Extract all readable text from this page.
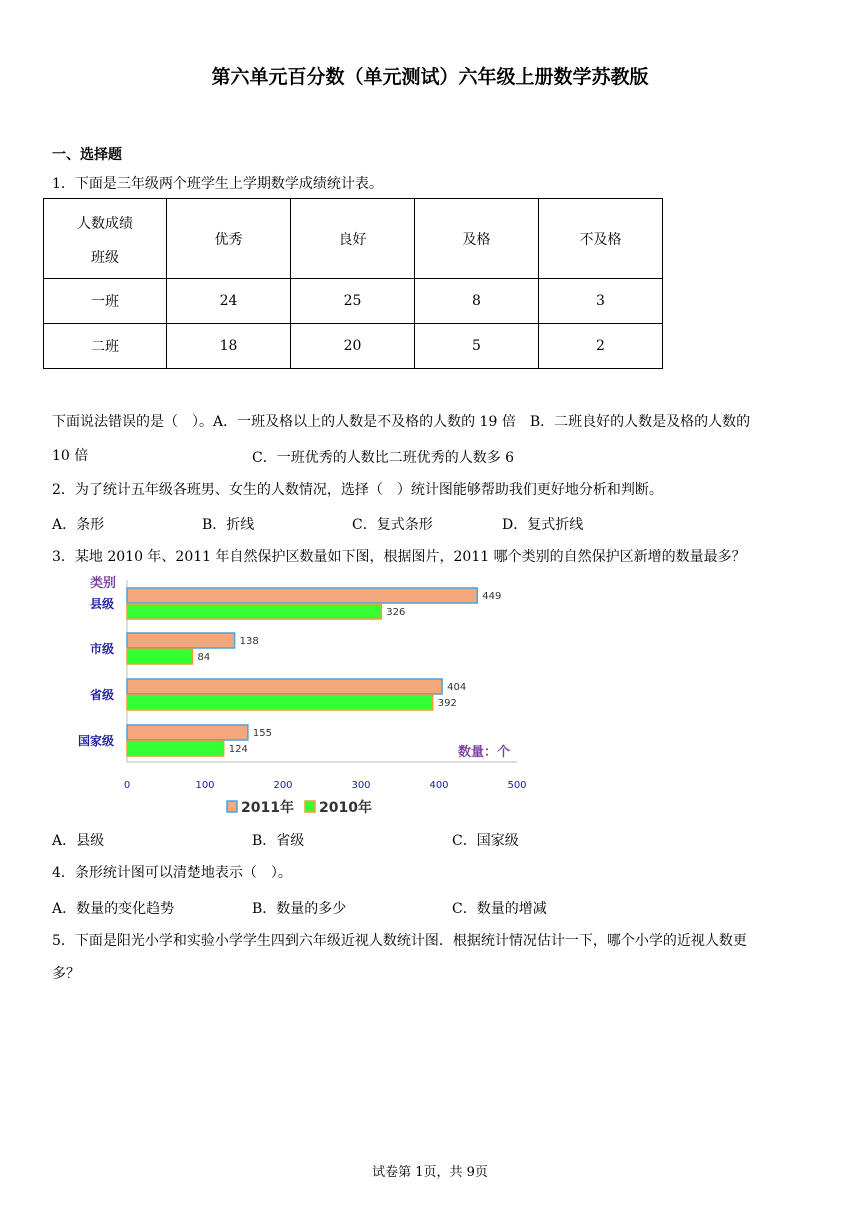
第六单元百分数（单元测试）六年级上册数学苏教版
一、选择题
1．下面是三年级两个班学生上学期数学成绩统计表。
人数成绩
班级	优秀	良好	及格	不及格
一班	24	25	8	3
二班	18	20	5	2
下面说法错误的是（　）。A．一班及格以上的人数是不及格的人数的 19 倍　B．二班良好的人数是及格的人数的
10 倍	C．一班优秀的人数比二班优秀的人数多 6
2．为了统计五年级各班男、女生的人数情况，选择（　）统计图能够帮助我们更好地分析和判断。
A．条形	B．折线	C．复式条形	D．复式折线
3．某地 2010 年、2011 年自然保护区数量如下图，根据图片，2011 哪个类别的自然保护区新增的数量最多？
类别
县级
449
326
市级
138
84
省级
404
392
国家级
155
124
0	100	200	300	400	500
数量：个
2011年 2010年
A．县级	B．省级	C．国家级
4．条形统计图可以清楚地表示（　）。
A．数量的变化趋势	B．数量的多少	C．数量的增减
5．下面是阳光小学和实验小学学生四到六年级近视人数统计图．根据统计情况估计一下，哪个小学的近视人数更
多？
试卷第 1页，共 9页
